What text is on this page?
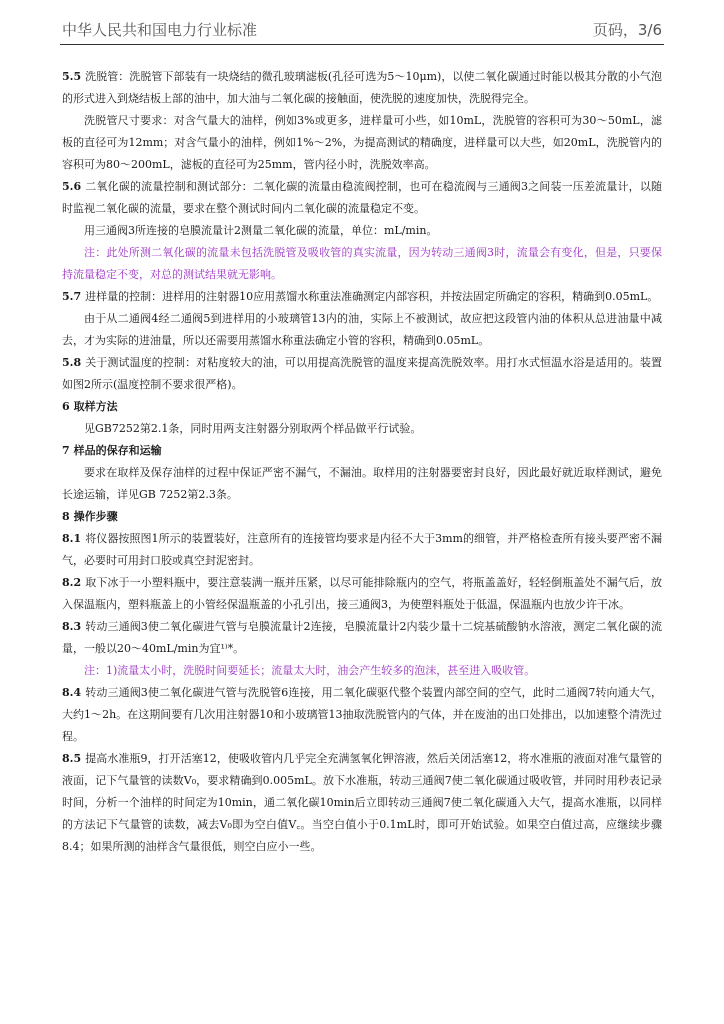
中华人民共和国电力行业标准	页码，3/6

5.5 洗脱管：洗脱管下部装有一块烧结的微孔玻璃滤板(孔径可选为5～10μm)，以使二氧化碳通过时能以极其分散的小气泡的形式进入到烧结板上部的油中，加大油与二氧化碳的接触面，使洗脱的速度加快，洗脱得完全。

洗脱管尺寸要求：对含气量大的油样，例如3%或更多，进样量可小些，如10mL，洗脱管的容积可为30～50mL，滤板的直径可为12mm；对含气量小的油样，例如1%～2%，为提高测试的精确度，进样量可以大些，如20mL，洗脱管内的容积可为80～200mL，滤板的直径可为25mm，管内径小时，洗脱效率高。

5.6 二氧化碳的流量控制和测试部分：二氧化碳的流量由稳流阀控制，也可在稳流阀与三通阀3之间装一压差流量计，以随时监视二氧化碳的流量，要求在整个测试时间内二氧化碳的流量稳定不变。

用三通阀3所连接的皂膜流量计2测量二氧化碳的流量，单位：mL/min。

注：此处所测二氧化碳的流量未包括洗脱管及吸收管的真实流量，因为转动三通阀3时，流量会有变化，但是，只要保持流量稳定不变，对总的测试结果就无影响。

5.7 进样量的控制：进样用的注射器10应用蒸馏水称重法准确测定内部容积，并按法固定所确定的容积，精确到0.05mL。

由于从二通阀4经二通阀5到进样用的小玻璃管13内的油，实际上不被测试，故应把这段管内油的体积从总进油量中减去，才为实际的进油量，所以还需要用蒸馏水称重法确定小管的容积，精确到0.05mL。

5.8 关于测试温度的控制：对粘度较大的油，可以用提高洗脱管的温度来提高洗脱效率。用打水式恒温水浴是适用的。装置如图2所示(温度控制不要求很严格)。

6 取样方法

见GB7252第2.1条，同时用两支注射器分别取两个样品做平行试验。

7 样品的保存和运输

要求在取样及保存油样的过程中保证严密不漏气，不漏油。取样用的注射器要密封良好，因此最好就近取样测试，避免长途运输，详见GB 7252第2.3条。

8 操作步骤

8.1 将仪器按照图1所示的装置装好，注意所有的连接管均要求是内径不大于3mm的细管，并严格检查所有接头要严密不漏气，必要时可用封口胶或真空封泥密封。

8.2 取下冰于一小塑料瓶中，要注意装满一瓶并压紧，以尽可能排除瓶内的空气，将瓶盖盖好，轻轻倒瓶盖处不漏气后，放入保温瓶内，塑料瓶盖上的小管经保温瓶盖的小孔引出，接三通阀3，为使塑料瓶处于低温，保温瓶内也放少许干冰。

8.3 转动三通阀3使二氧化碳进气管与皂膜流量计2连接，皂膜流量计2内装少量十二烷基硫酸钠水溶液，测定二氧化碳的流量，一般以20～40mL/min为宜¹⁾*。

注：1)流量太小时，洗脱时间要延长；流量太大时，油会产生较多的泡沫，甚至进入吸收管。

8.4 转动三通阀3使二氧化碳进气管与洗脱管6连接，用二氧化碳驱代整个装置内部空间的空气，此时二通阀7转向通大气，大约1～2h。在这期间要有几次用注射器10和小玻璃管13抽取洗脱管内的气体，并在废油的出口处排出，以加速整个清洗过程。

8.5 提高水准瓶9，打开活塞12，使吸收管内几乎完全充满氢氧化钾溶液，然后关闭活塞12，将水准瓶的液面对准气量管的液面，记下气量管的读数V₀，要求精确到0.005mL。放下水准瓶，转动三通阀7使二氧化碳通过吸收管，并同时用秒表记录时间，分析一个油样的时间定为10min，通二氧化碳10min后立即转动三通阀7使二氧化碳通入大气，提高水准瓶，以同样的方法记下气量管的读数，减去V₀即为空白值V꜀。当空白值小于0.1mL时，即可开始试验。如果空白值过高，应继续步骤8.4；如果所测的油样含气量很低，则空白应小一些。
